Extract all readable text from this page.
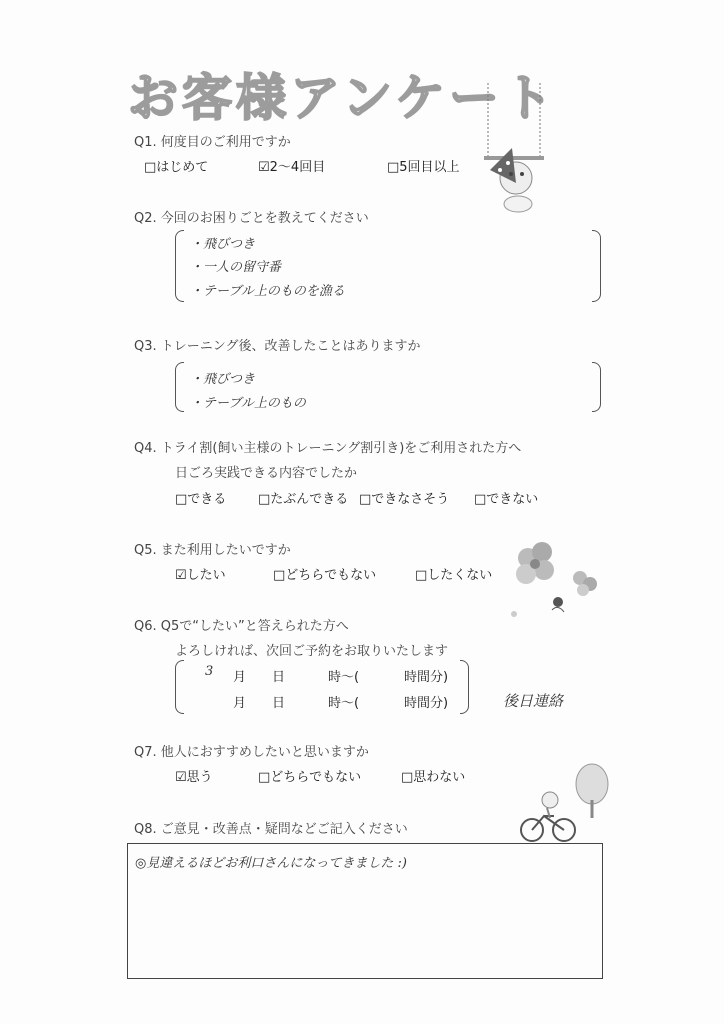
お客様アンケート
Q1. 何度目のご利用ですか
□はじめて	☑2～4回目	□5回目以上
Q2. 今回のお困りごとを教えてください
・飛びつき
・一人の留守番
・テーブル上のものを漁る
Q3. トレーニング後、改善したことはありますか
・飛びつき
・テーブル上のもの
Q4. トライ割(飼い主様のトレーニング割引き)をご利用された方へ
日ごろ実践できる内容でしたか
□できる □たぶんできる □できなさそう □できない
Q5. また利用したいですか
☑したい	□どちらでもない	□したくない
Q6. Q5で“したい”と答えられた方へ
よろしければ、次回ご予約をお取りいたします
3 月 日	時～(	時間分)
月 日	時～(	時間分)	後日連絡
Q7. 他人におすすめしたいと思いますか
☑思う	□どちらでもない	□思わない
Q8. ご意見・改善点・疑問などご記入ください
◎見違えるほどお利口さんになってきました :)
